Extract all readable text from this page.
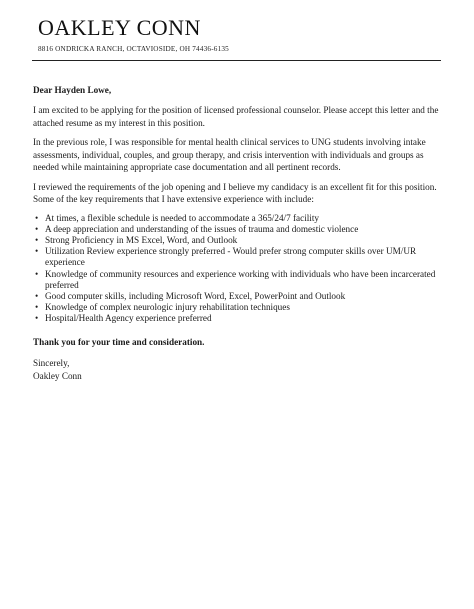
OAKLEY CONN
8816 ONDRICKA RANCH, OCTAVIOSIDE, OH 74436-6135
Dear Hayden Lowe,

I am excited to be applying for the position of licensed professional counselor. Please accept this letter and the attached resume as my interest in this position.

In the previous role, I was responsible for mental health clinical services to UNG students involving intake assessments, individual, couples, and group therapy, and crisis intervention with individuals and groups as needed while maintaining appropriate case documentation and all pertinent records.

I reviewed the requirements of the job opening and I believe my candidacy is an excellent fit for this position. Some of the key requirements that I have extensive experience with include:

• At times, a flexible schedule is needed to accommodate a 365/24/7 facility
• A deep appreciation and understanding of the issues of trauma and domestic violence
• Strong Proficiency in MS Excel, Word, and Outlook
• Utilization Review experience strongly preferred - Would prefer strong computer skills over UM/UR experience
• Knowledge of community resources and experience working with individuals who have been incarcerated preferred
• Good computer skills, including Microsoft Word, Excel, PowerPoint and Outlook
• Knowledge of complex neurologic injury rehabilitation techniques
• Hospital/Health Agency experience preferred

Thank you for your time and consideration.

Sincerely,

Oakley Conn
